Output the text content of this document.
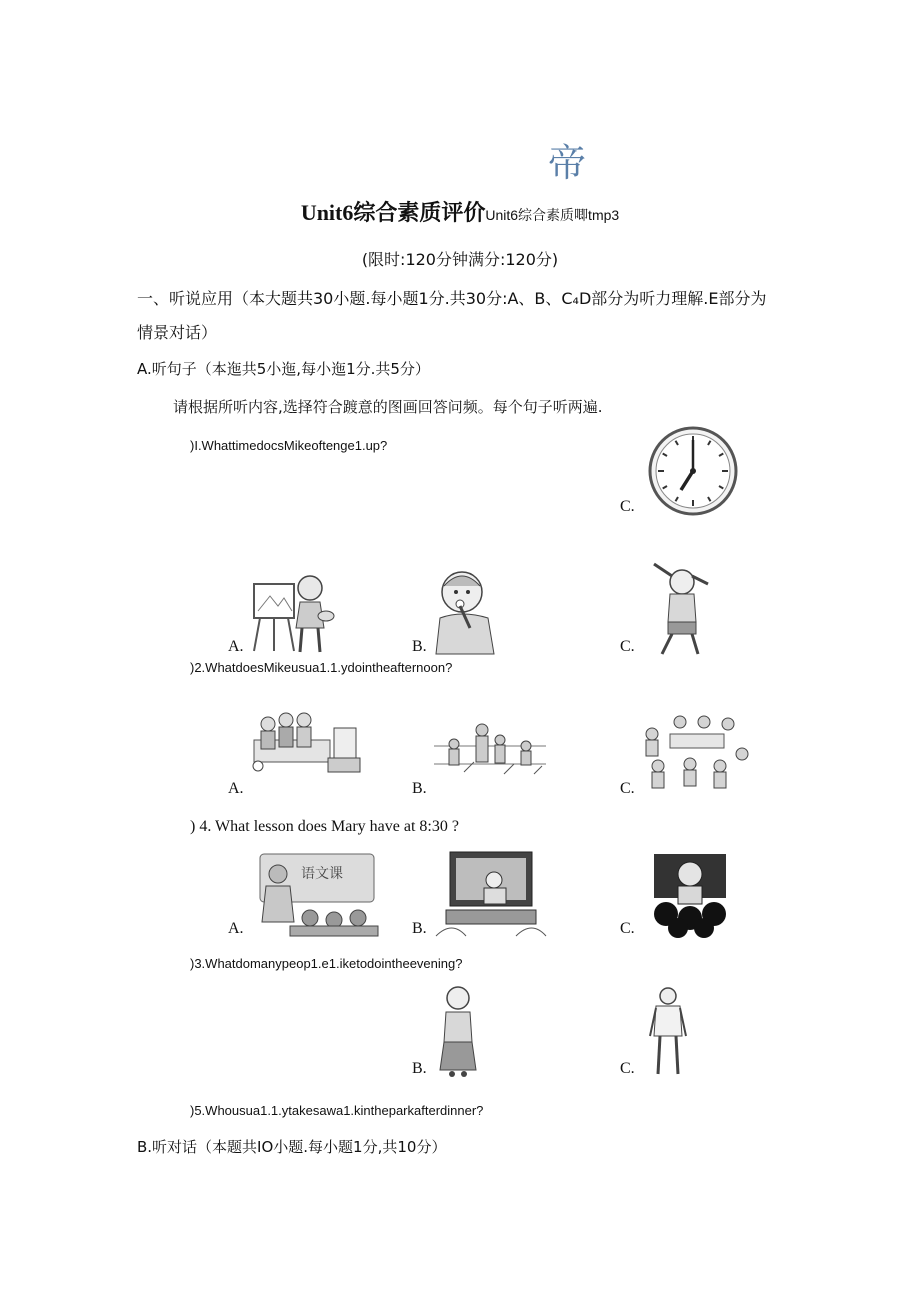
帝
Unit6综合素质评价Unit6综合素质唧tmp3
(限时:120分钟满分:120分)
一、听说应用（本大题共30小题.每小题1分.共30分:A、B、C₄D部分为听力理解.E部分为
情景对话）
A.听句子（本迤共5小迤,每小迤1分.共5分）
请根据所听内容,选择符合踱意的图画回答问频。每个句子听两遍.
)I.WhattimedocsMikeoftenge1.up?
C.
A.	B.	C.
)2.WhatdoesMikeusua1.1.ydointheafternoon?
A.	B.	C.
) 4. What lesson does Mary have at 8:30 ?
A.
语文课
B.	C.
)3.Whatdomanypeop1.e1.iketodointheevening?
B.	C.
)5.Whousua1.1.ytakesawa1.kintheparkafterdinner?
B.听对话（本题共IO小题.每小题1分,共10分）
